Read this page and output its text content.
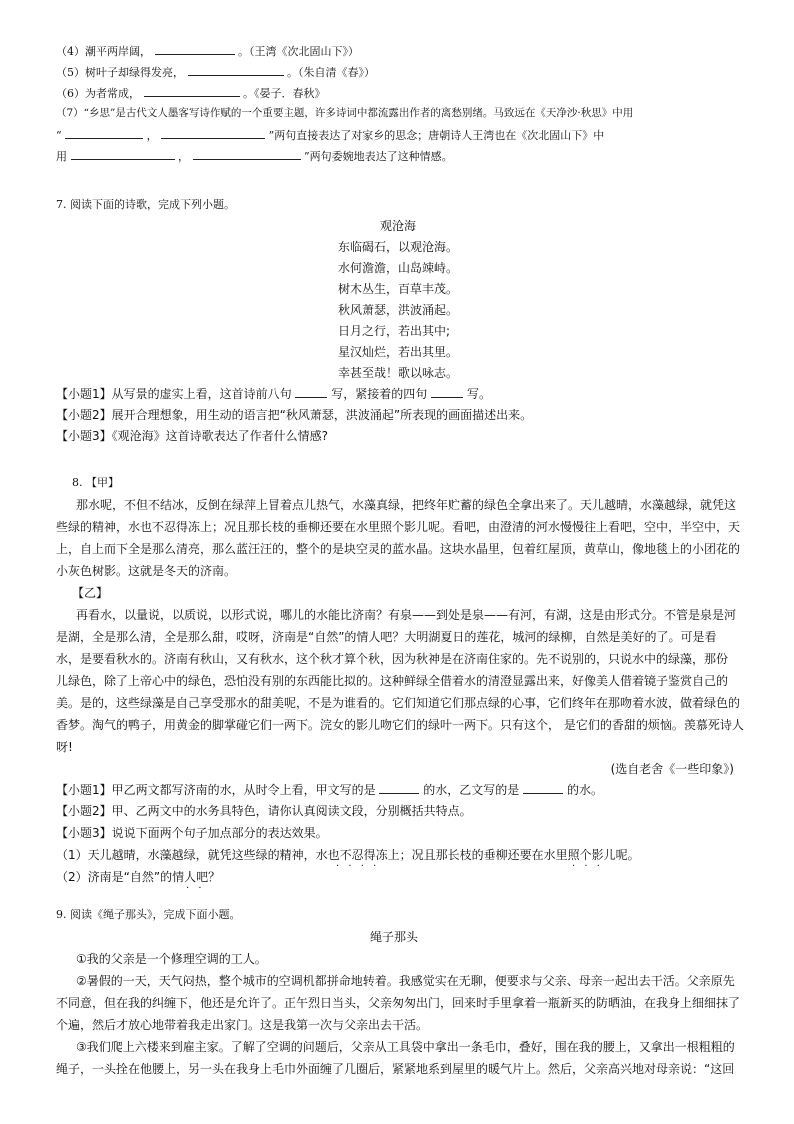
（4）潮平两岸阔，	。（王湾《次北固山下》）
（5）树叶子却绿得发亮，	。（朱自清《春》）
（6）为者常成，	。《晏子．春秋》
（7）“乡思”是古代文人墨客写诗作赋的一个重要主题，许多诗词中都流露出作者的离愁别绪。马致远在《天净沙·秋思》中用
“	，	”两句直接表达了对家乡的思念；唐朝诗人王湾也在《次北固山下》中
用	，	”两句委婉地表达了这种情感。
7. 阅读下面的诗歌，完成下列小题。
观沧海
东临碣石，以观沧海。
水何澹澹，山岛竦峙。
树木丛生，百草丰茂。
秋风萧瑟，洪波涌起。
日月之行，若出其中;
星汉灿烂，若出其里。
幸甚至哉！歌以咏志。
【小题1】从写景的虚实上看，这首诗前八句	写，紧接着的四句	写。
【小题2】展开合理想象，用生动的语言把“秋风萧瑟，洪波涌起”所表现的画面描述出来。
【小题3】《观沧海》这首诗歌表达了作者什么情感?
8. 【甲】
那水呢，不但不结冰，反倒在绿萍上冒着点儿热气，水藻真绿，把终年贮蓄的绿色全拿出来了。天儿越晴，水藻越绿，就凭这
些绿的精神，水也不忍得冻上；况且那长枝的垂柳还要在水里照个影儿呢。看吧，由澄清的河水慢慢往上看吧，空中，半空中，天
上，自上而下全是那么清亮，那么蓝汪汪的，整个的是块空灵的蓝水晶。这块水晶里，包着红屋顶，黄草山，像地毯上的小团花的
小灰色树影。这就是冬天的济南。
【乙】
再看水，以量说，以质说，以形式说，哪儿的水能比济南？有泉——到处是泉——有河，有湖，这是由形式分。不管是泉是河
是湖，全是那么清，全是那么甜，哎呀，济南是“自然”的情人吧？大明湖夏日的莲花，城河的绿柳，自然是美好的了。可是看
水，是要看秋水的。济南有秋山，又有秋水，这个秋才算个秋，因为秋神是在济南住家的。先不说别的，只说水中的绿藻，那份
儿绿色，除了上帝心中的绿色，恐怕没有别的东西能比拟的。这种鲜绿全借着水的清澄显露出来，好像美人借着镜子鉴赏自己的
美。是的，这些绿藻是自己享受那水的甜美呢，不是为谁看的。它们知道它们那点绿的心事，它们终年在那吻着水波，做着绿色的
香梦。淘气的鸭子，用黄金的脚掌碰它们一两下。浣女的影儿吻它们的绿叶一两下。只有这个， 是它们的香甜的烦恼。羡慕死诗人
呀!
(选自老舍《一些印象》)
【小题1】甲乙两文都写济南的水，从时令上看，甲文写的是	的水，乙文写的是	的水。
【小题2】甲、乙两文中的水务具特色，请你认真阅读文段，分别概括共特点。
【小题3】说说下面两个句子加点部分的表达效果。
（1）天儿越晴，水藻越绿，就凭这些绿的精神，水也不忍得冻上；况且那长枝的垂柳还要在水里照个影儿呢。
· · · ·	· · ·
（2）济南是“自然”的情人吧？
· ·
9. 阅读《绳子那头》，完成下面小题。
绳子那头
①我的父亲是一个修理空调的工人。
②暑假的一天，天气闷热，整个城市的空调机都拼命地转着。我感觉实在无聊，便要求与父亲、母亲一起出去干活。父亲原先
不同意，但在我的纠缠下，他还是允许了。正午烈日当头，父亲匆匆出门，回来时手里拿着一瓶新买的防晒油，在我身上细细抹了
个遍，然后才放心地带着我走出家门。这是我第一次与父亲出去干活。
③我们爬上六楼来到雇主家。了解了空调的问题后，父亲从工具袋中拿出一条毛巾，叠好，围在我的腰上，又拿出一根粗粗的
绳子，一头拴在他腰上，另一头在我身上毛巾外面缠了几圈后，紧紧地系到屋里的暖气片上。然后，父亲高兴地对母亲说：“这回
